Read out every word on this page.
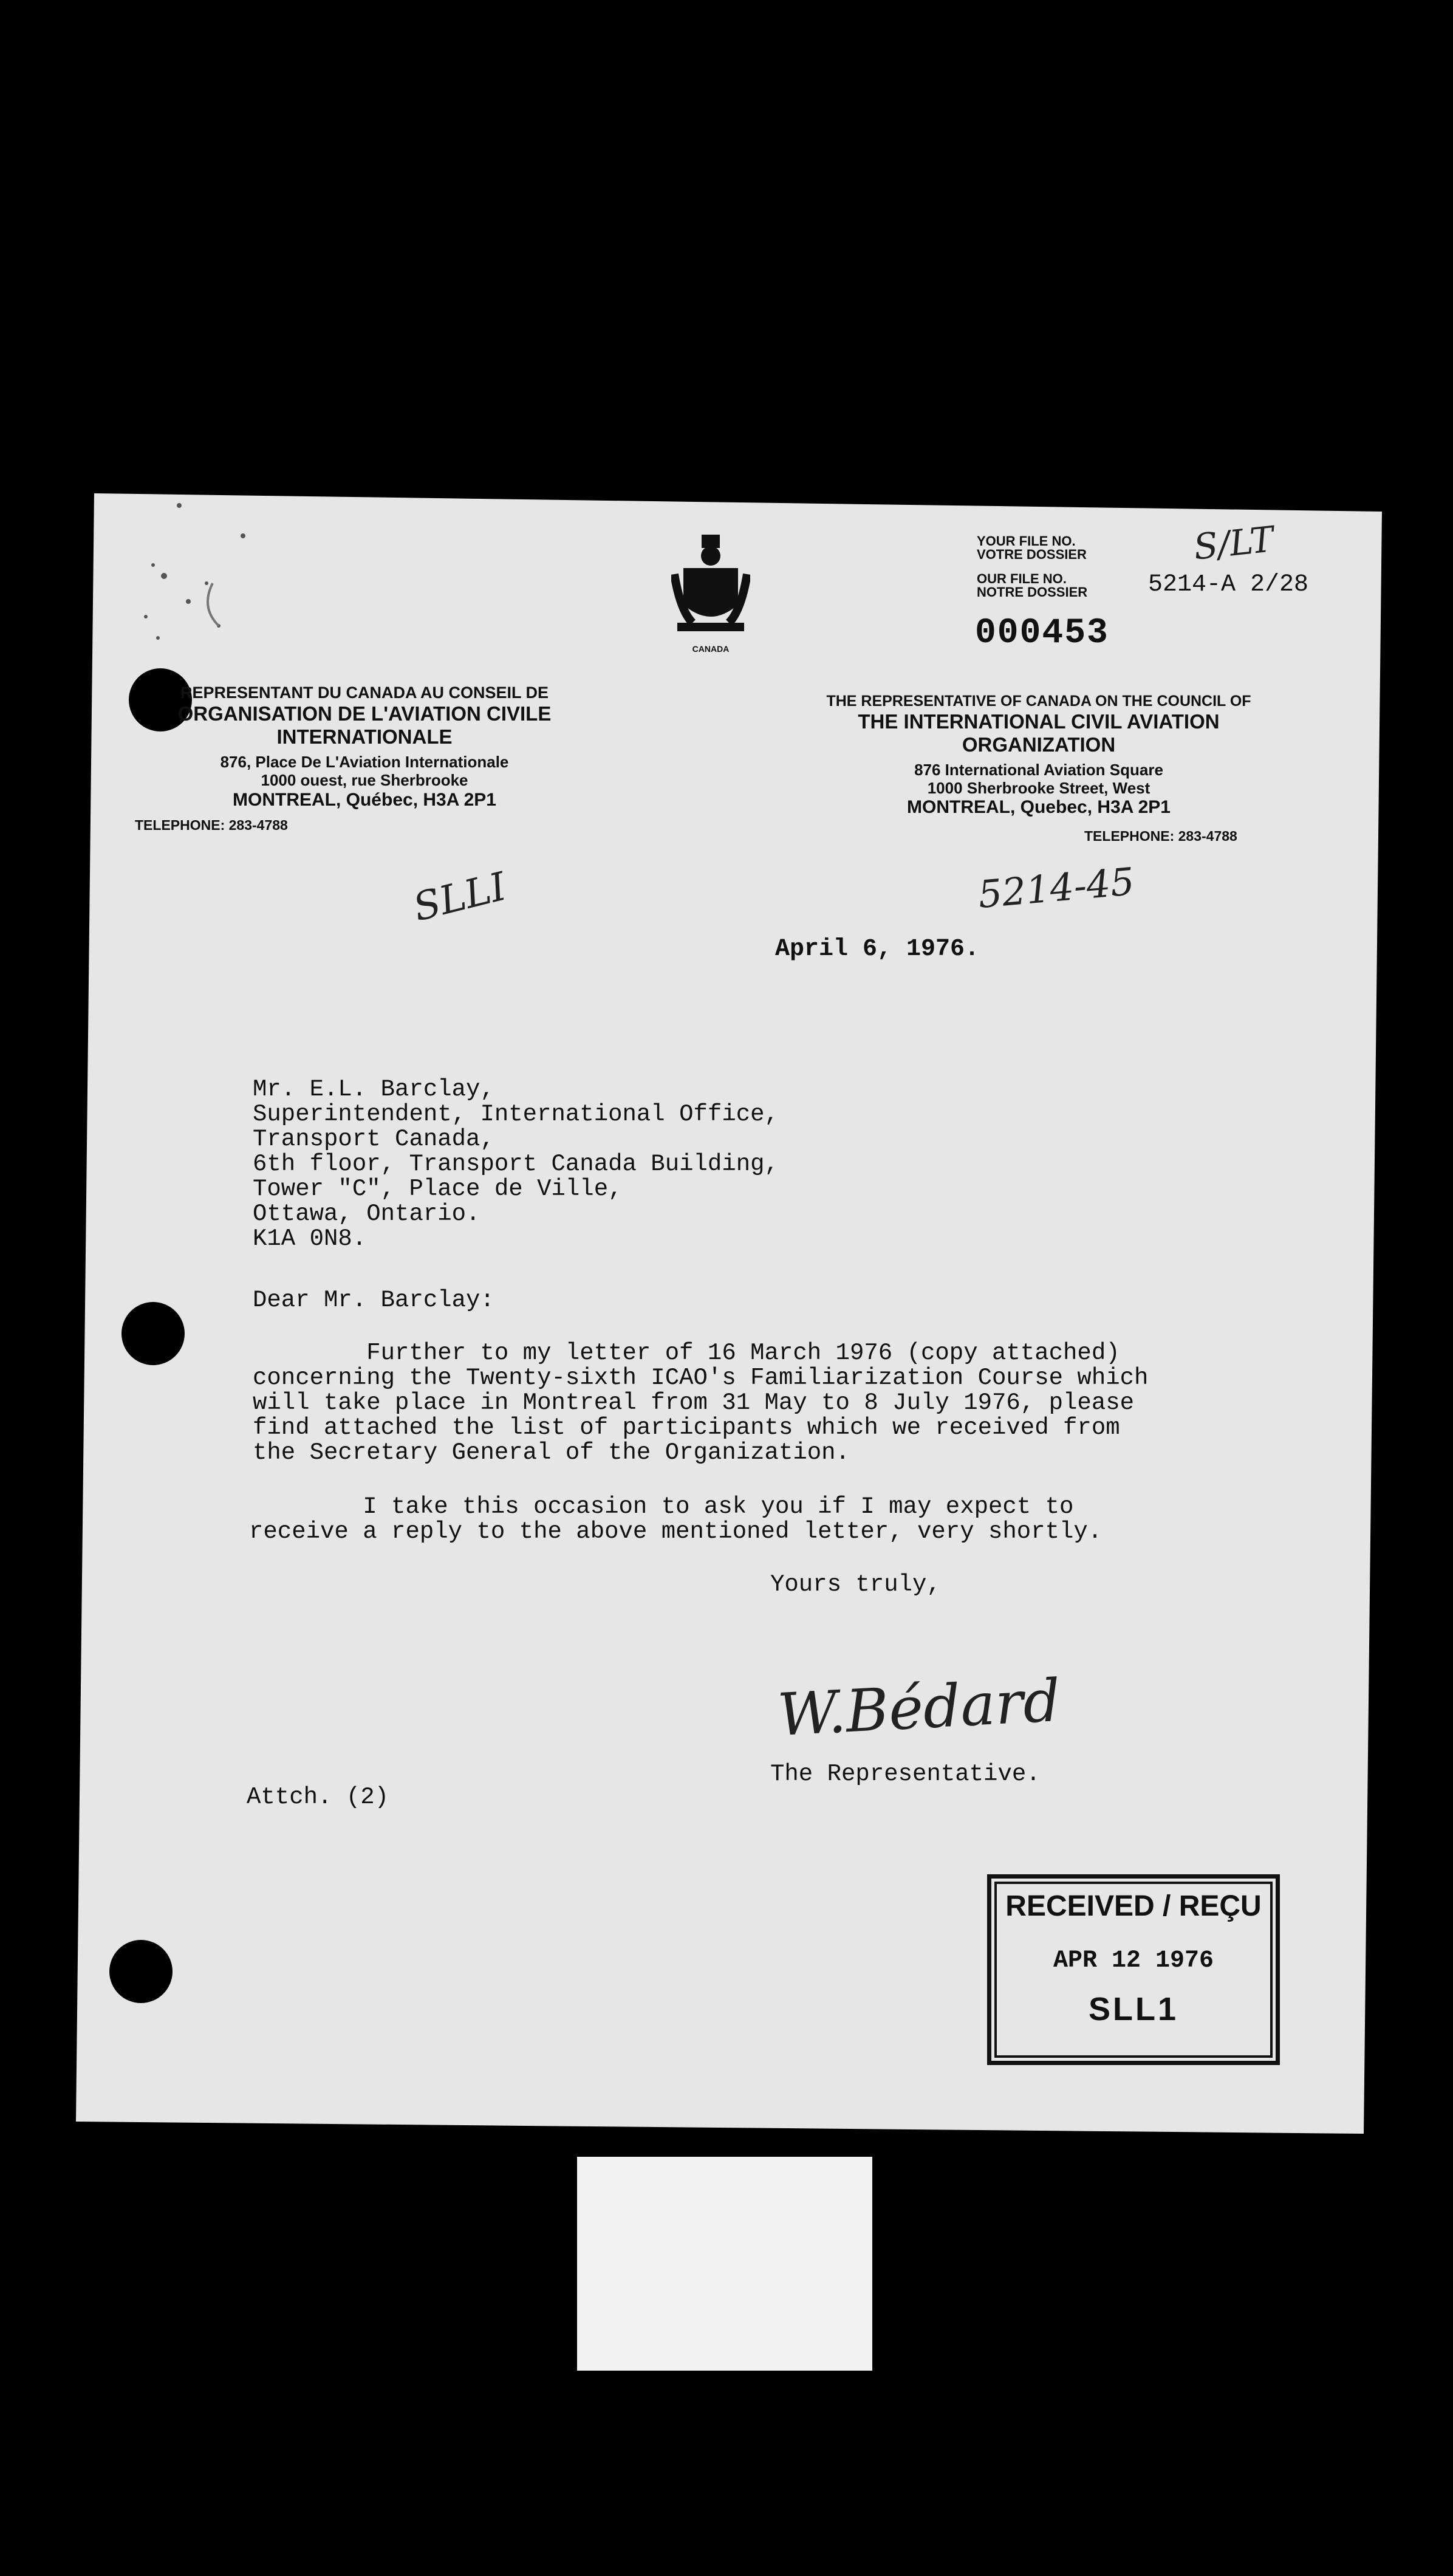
CANADA
YOUR FILE NO.
VOTRE DOSSIER
OUR FILE NO.
NOTRE DOSSIER 5214-A 2/28
S/LT
000453
REPRESENTANT DU CANADA AU CONSEIL DE
ORGANISATION DE L'AVIATION CIVILE
INTERNATIONALE
876, Place De L'Aviation Internationale
1000 ouest, rue Sherbrooke
MONTREAL, Québec, H3A 2P1
TELEPHONE: 283-4788
THE REPRESENTATIVE OF CANADA ON THE COUNCIL OF
THE INTERNATIONAL CIVIL AVIATION
ORGANIZATION
876 International Aviation Square
1000 Sherbrooke Street, West
MONTREAL, Quebec, H3A 2P1
TELEPHONE: 283-4788
SLLI	5214-45
April 6, 1976.
Mr. E.L. Barclay,
Superintendent, International Office,
Transport Canada,
6th floor, Transport Canada Building,
Tower "C", Place de Ville,
Ottawa, Ontario.
K1A 0N8.
Dear Mr. Barclay:
Further to my letter of 16 March 1976 (copy attached)
concerning the Twenty-sixth ICAO's Familiarization Course which
will take place in Montreal from 31 May to 8 July 1976, please
find attached the list of participants which we received from
the Secretary General of the Organization.
I take this occasion to ask you if I may expect to
receive a reply to the above mentioned letter, very shortly.
Yours truly,
W.Bédard
The Representative.
Attch. (2)
RECEIVED / REÇU
APR 12 1976
SLL1
